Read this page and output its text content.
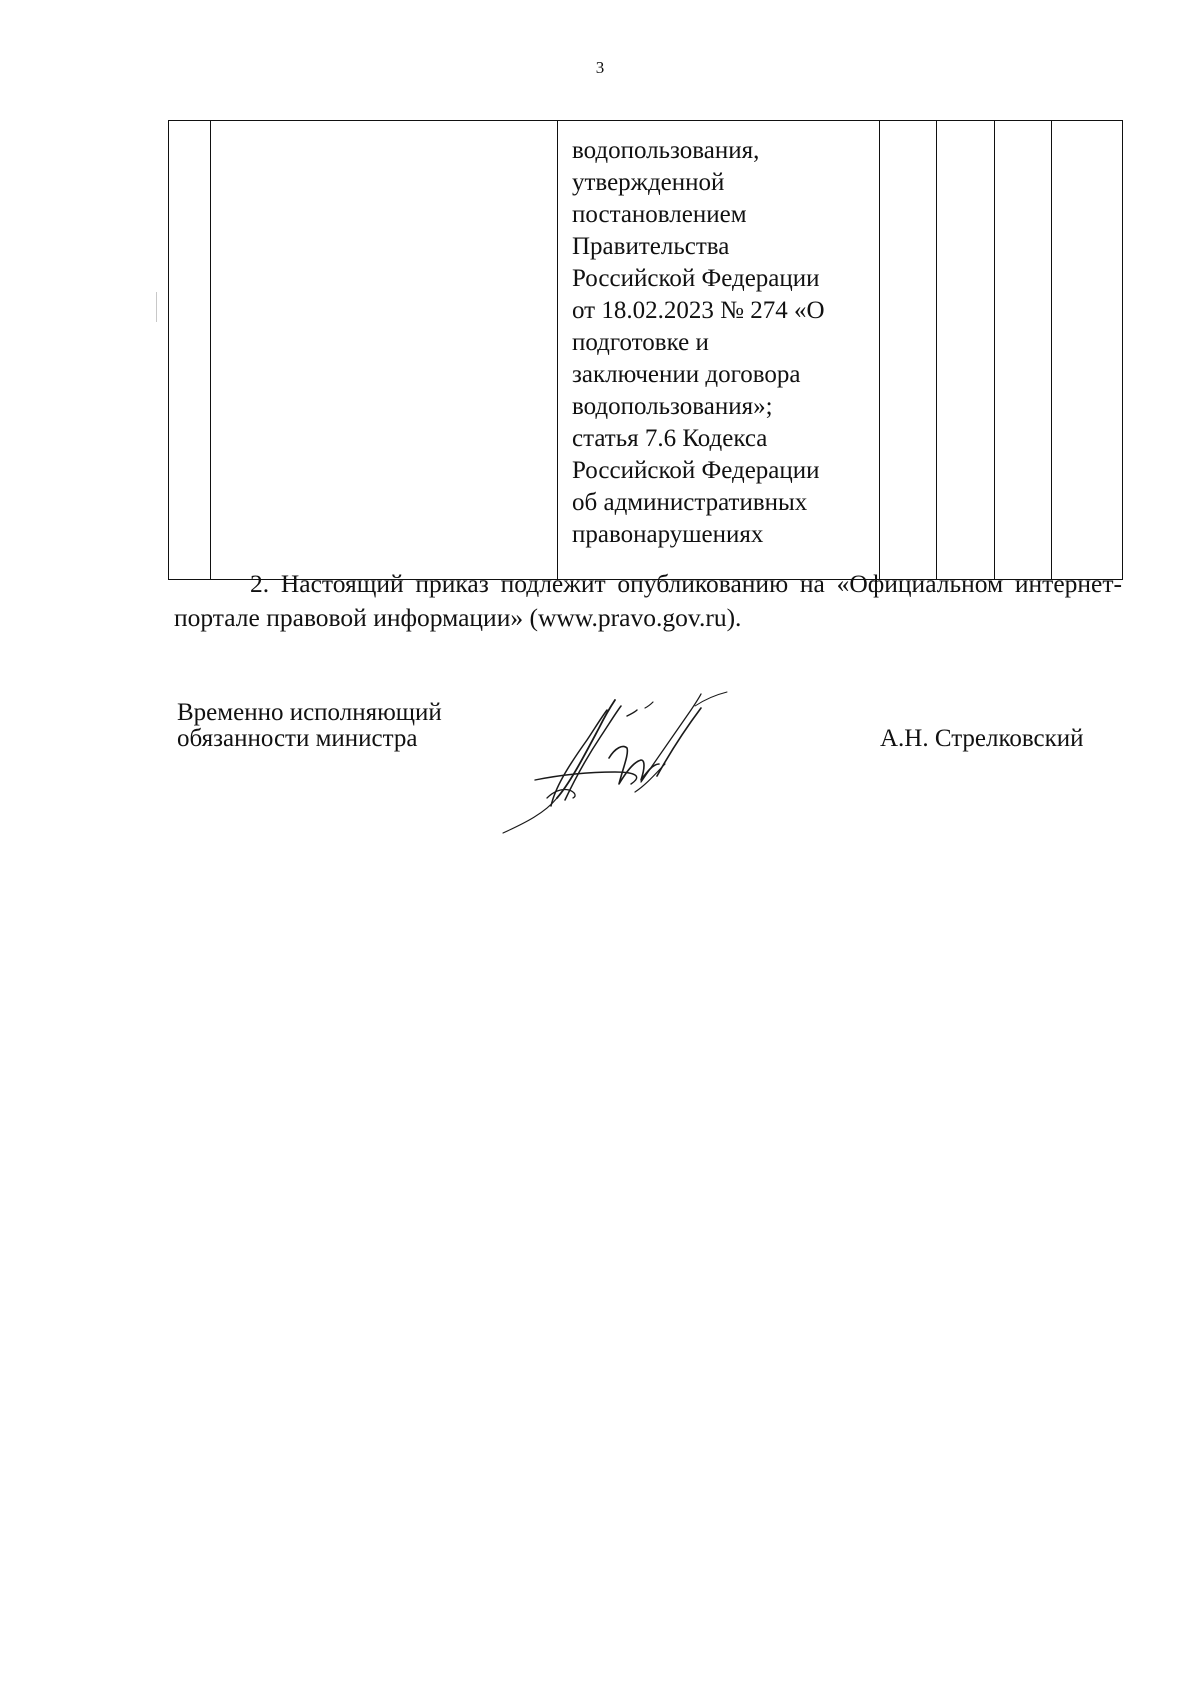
3

водопользования,
утвержденной
постановлением
Правительства
Российской Федерации
от 18.02.2023 № 274 «О
подготовке и
заключении договора
водопользования»;
статья 7.6 Кодекса
Российской Федерации
об административных
правонарушениях

2. Настоящий приказ подлежит опубликованию на «Официальном интернет-портале правовой информации» (www.pravo.gov.ru).
Временно исполняющий
обязанности министра	А.Н. Стрелковский
